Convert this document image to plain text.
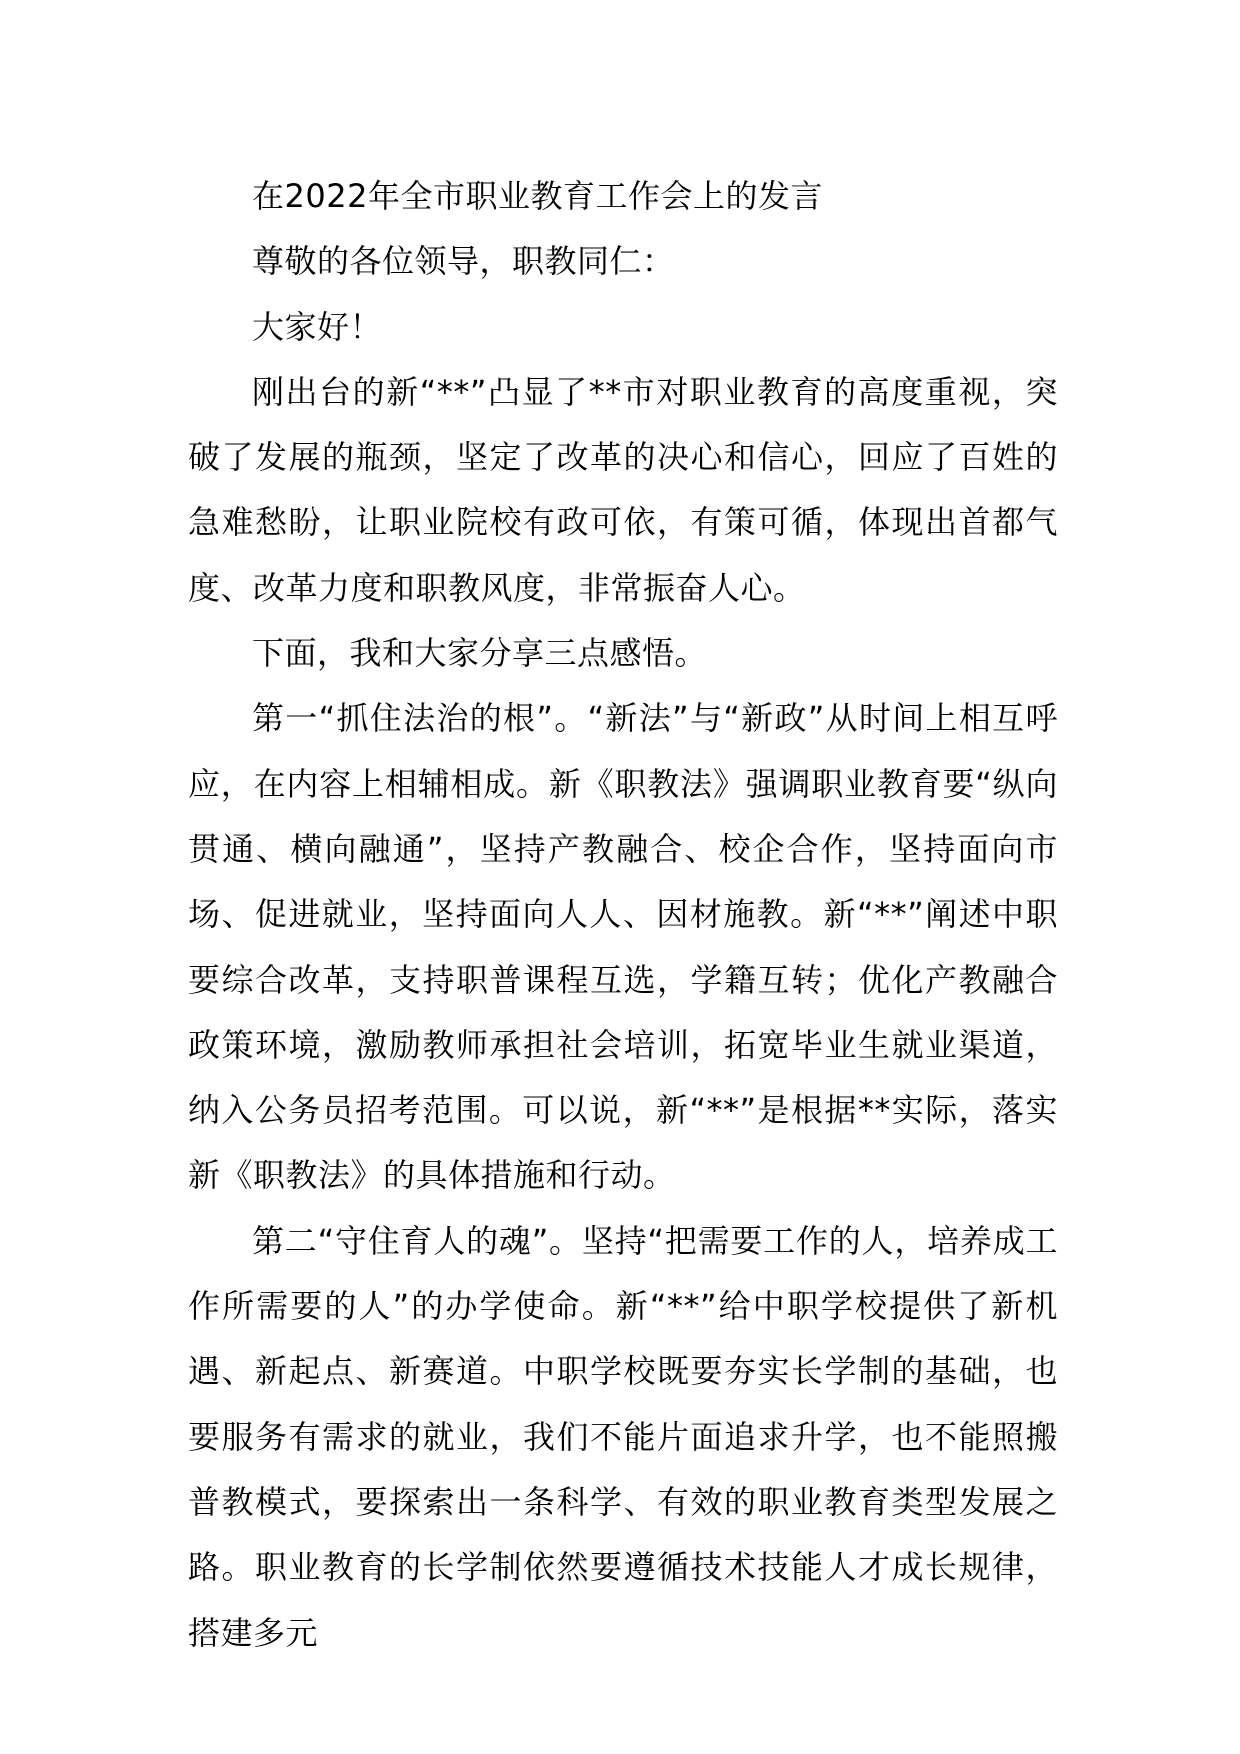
在2022年全市职业教育工作会上的发言

尊敬的各位领导，职教同仁：

大家好！

刚出台的新“**”凸显了**市对职业教育的高度重视，突破了发展的瓶颈，坚定了改革的决心和信心，回应了百姓的急难愁盼，让职业院校有政可依，有策可循，体现出首都气度、改革力度和职教风度，非常振奋人心。

下面，我和大家分享三点感悟。

第一“抓住法治的根”。“新法”与“新政”从时间上相互呼应，在内容上相辅相成。新《职教法》强调职业教育要“纵向贯通、横向融通”，坚持产教融合、校企合作，坚持面向市场、促进就业，坚持面向人人、因材施教。新“**”阐述中职要综合改革，支持职普课程互选，学籍互转；优化产教融合政策环境，激励教师承担社会培训，拓宽毕业生就业渠道，纳入公务员招考范围。可以说，新“**”是根据**实际，落实新《职教法》的具体措施和行动。

第二“守住育人的魂”。坚持“把需要工作的人，培养成工作所需要的人”的办学使命。新“**”给中职学校提供了新机遇、新起点、新赛道。中职学校既要夯实长学制的基础，也要服务有需求的就业，我们不能片面追求升学，也不能照搬普教模式，要探索出一条科学、有效的职业教育类型发展之路。职业教育的长学制依然要遵循技术技能人才成长规律，搭建多元
